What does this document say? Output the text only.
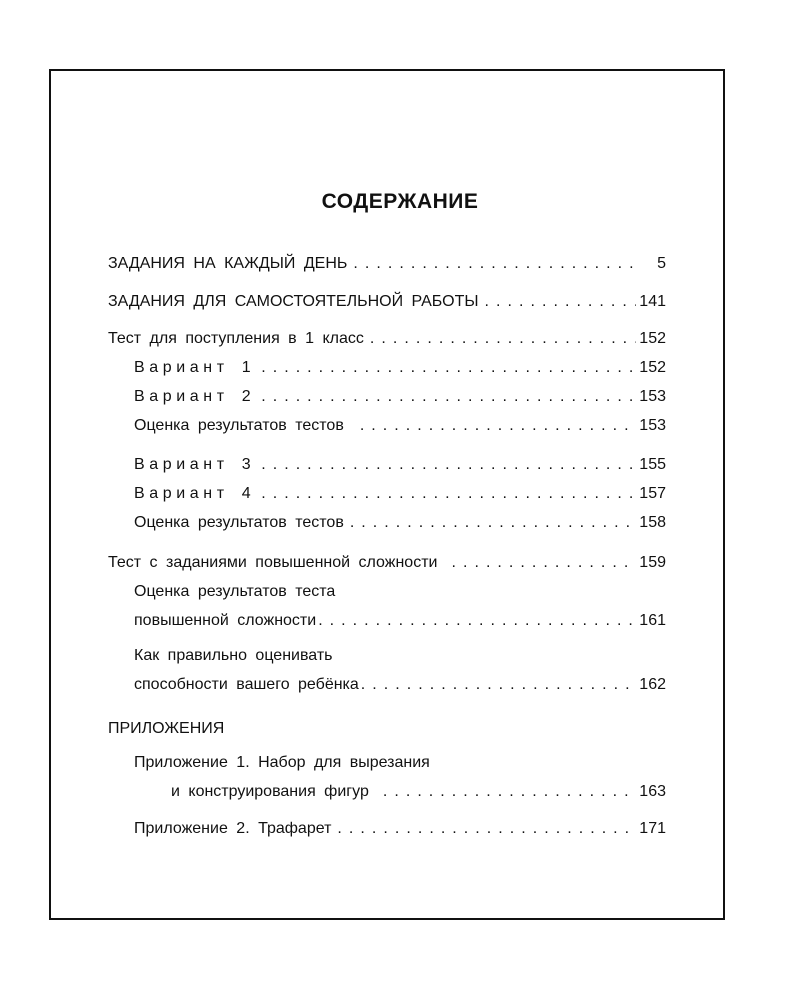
СОДЕРЖАНИЕ
ЗАДАНИЯ НА КАЖДЫЙ ДЕНЬ . . .	5
ЗАДАНИЯ ДЛЯ САМОСТОЯТЕЛЬНОЙ РАБОТЫ . . .	141
Тест для поступления в 1 класс . . .	152
Вариант 1 . . .	152
Вариант 2 . . .	153
Оценка результатов тестов . . .	153
Вариант 3 . . .	155
Вариант 4 . . .	157
Оценка результатов тестов . . .	158
Тест с заданиями повышенной сложности . . .	159
Оценка результатов теста
повышенной сложности . . .	161
Как правильно оценивать
способности вашего ребёнка . . .	162
ПРИЛОЖЕНИЯ
Приложение 1. Набор для вырезания
и конструирования фигур . . .	163
Приложение 2. Трафарет . . .	171
